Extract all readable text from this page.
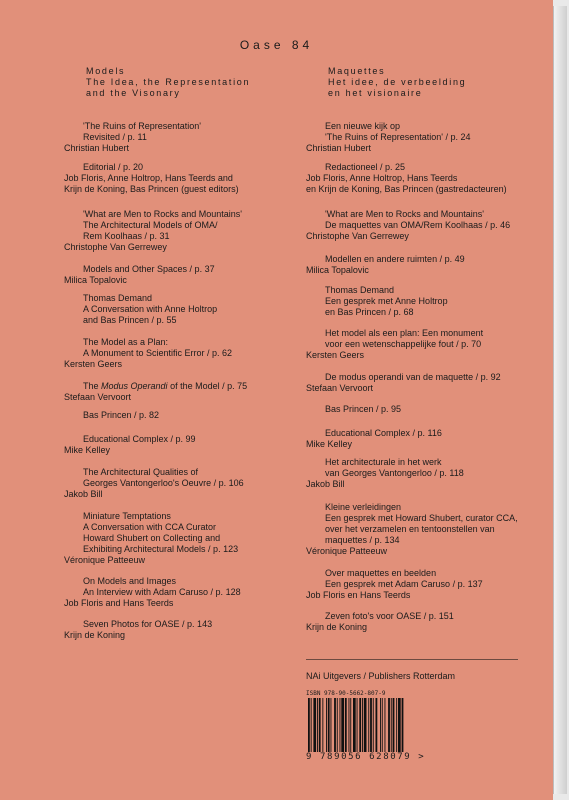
Oase 84
Models
The Idea, the Representation
and the Visonary
'The Ruins of Representation'
Revisited / p. 11
Christian Hubert
Editorial / p. 20
Job Floris, Anne Holtrop, Hans Teerds and
Krijn de Koning, Bas Princen (guest editors)
'What are Men to Rocks and Mountains'
The Architectural Models of OMA/
Rem Koolhaas / p. 31
Christophe Van Gerrewey
Models and Other Spaces / p. 37
Milica Topalovic
Thomas Demand
A Conversation with Anne Holtrop
and Bas Princen / p. 55
The Model as a Plan:
A Monument to Scientific Error / p. 62
Kersten Geers
The Modus Operandi of the Model / p. 75
Stefaan Vervoort
Bas Princen / p. 82
Educational Complex / p. 99
Mike Kelley
The Architectural Qualities of
Georges Vantongerloo's Oeuvre / p. 106
Jakob Bill
Miniature Temptations
A Conversation with CCA Curator
Howard Shubert on Collecting and
Exhibiting Architectural Models / p. 123
Véronique Patteeuw
On Models and Images
An Interview with Adam Caruso / p. 128
Job Floris and Hans Teerds
Seven Photos for OASE / p. 143
Krijn de Koning
Maquettes
Het idee, de verbeelding
en het visionaire
Een nieuwe kijk op
'The Ruins of Representation' / p. 24
Christian Hubert
Redactioneel / p. 25
Job Floris, Anne Holtrop, Hans Teerds
en Krijn de Koning, Bas Princen (gastredacteuren)
'What are Men to Rocks and Mountains'
De maquettes van OMA/Rem Koolhaas / p. 46
Christophe Van Gerrewey
Modellen en andere ruimten / p. 49
Milica Topalovic
Thomas Demand
Een gesprek met Anne Holtrop
en Bas Princen / p. 68
Het model als een plan: Een monument
voor een wetenschappelijke fout / p. 70
Kersten Geers
De modus operandi van de maquette / p. 92
Stefaan Vervoort
Bas Princen / p. 95
Educational Complex / p. 116
Mike Kelley
Het architecturale in het werk
van Georges Vantongerloo / p. 118
Jakob Bill
Kleine verleidingen
Een gesprek met Howard Shubert, curator CCA,
over het verzamelen en tentoonstellen van
maquettes / p. 134
Véronique Patteeuw
Over maquettes en beelden
Een gesprek met Adam Caruso / p. 137
Job Floris en Hans Teerds
Zeven foto's voor OASE / p. 151
Krijn de Koning
NAi Uitgevers / Publishers Rotterdam
ISBN 978-90-5662-807-9
9 789056 628079 >
